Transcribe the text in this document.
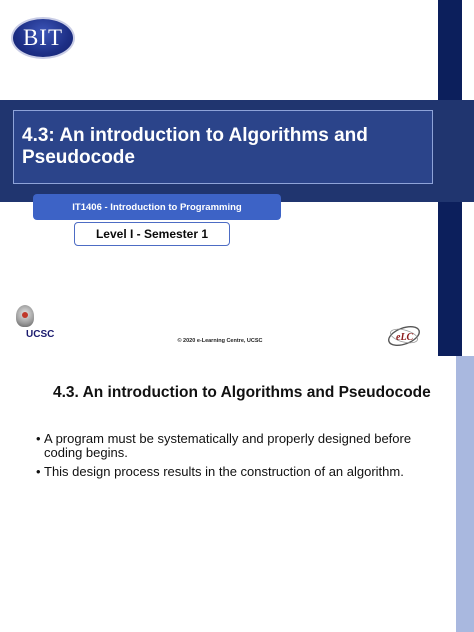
BIT
4.3: An introduction to Algorithms and Pseudocode
IT1406 - Introduction to Programming
Level I - Semester 1
UCSC
© 2020 e-Learning Centre, UCSC	eLC
4.3. An introduction to Algorithms and Pseudocode
• A program must be systematically and properly designed before coding begins.
• This design process results in the construction of an algorithm.
